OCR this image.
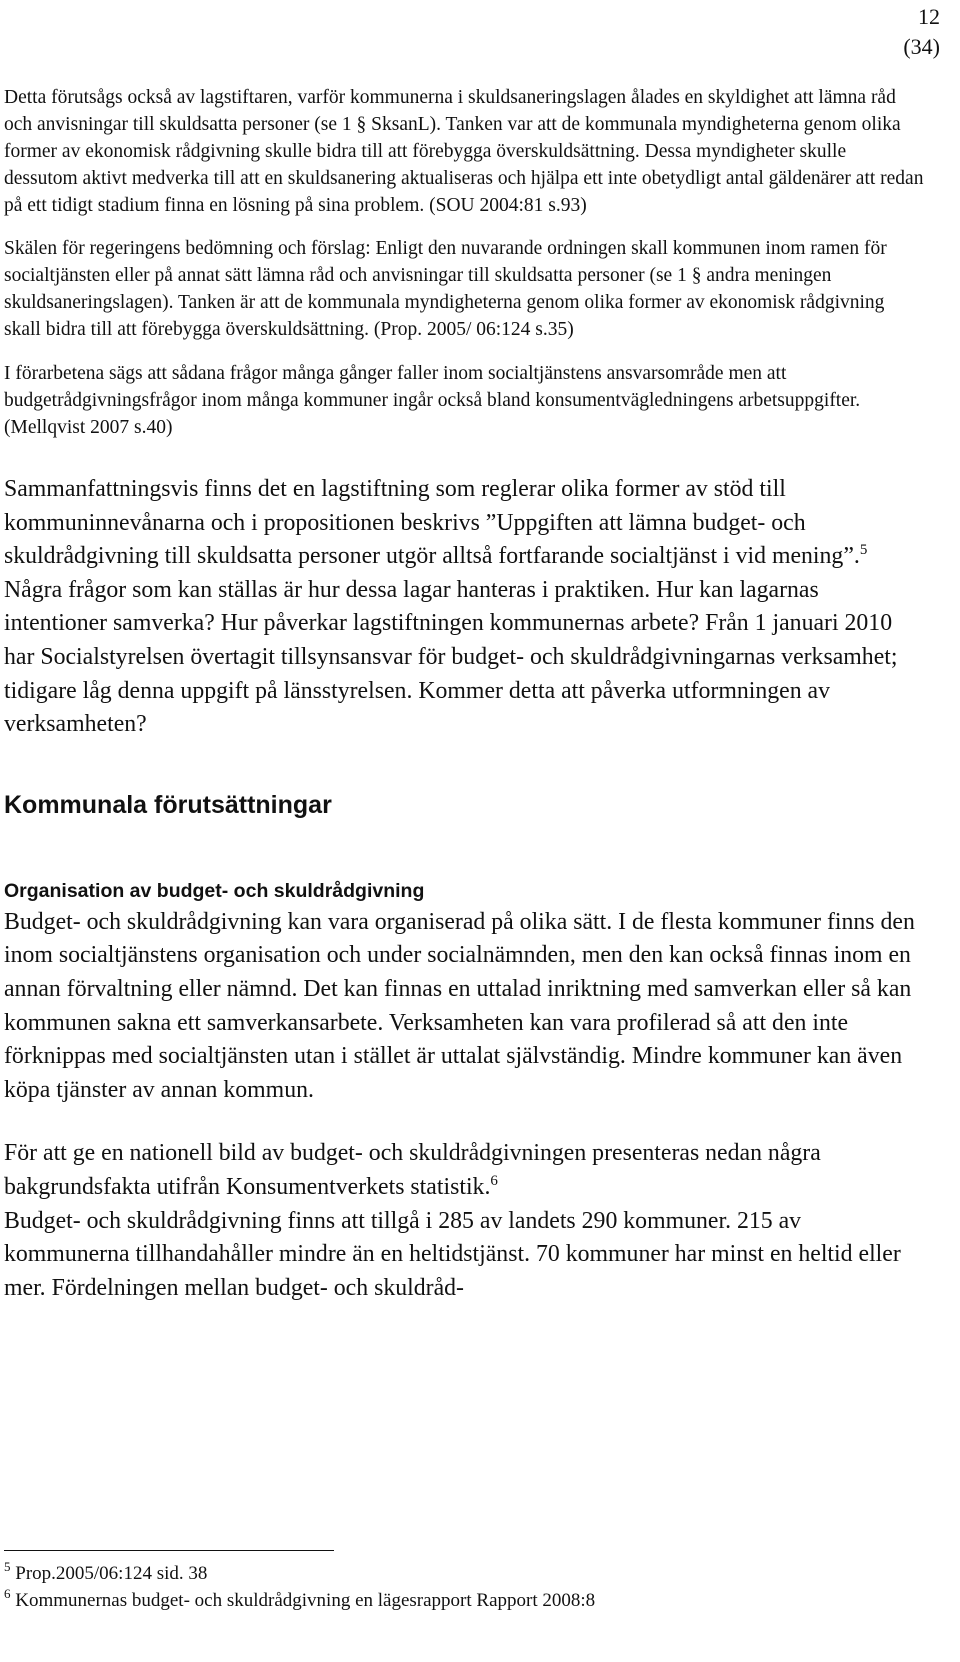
12
(34)

Detta förutsågs också av lagstiftaren, varför kommunerna i skuldsaneringslagen ålades en skyldighet att lämna råd och anvisningar till skuldsatta personer (se 1 § SksanL). Tanken var att de kommunala myndigheterna genom olika former av ekonomisk rådgivning skulle bidra till att förebygga överskuldsättning. Dessa myndigheter skulle dessutom aktivt medverka till att en skuldsanering aktualiseras och hjälpa ett inte obetydligt antal gäldenärer att redan på ett tidigt stadium finna en lösning på sina problem. (SOU 2004:81 s.93)

Skälen för regeringens bedömning och förslag: Enligt den nuvarande ordningen skall kommunen inom ramen för socialtjänsten eller på annat sätt lämna råd och anvisningar till skuldsatta personer (se 1 § andra meningen skuldsaneringslagen). Tanken är att de kommunala myndigheterna genom olika former av ekonomisk rådgivning skall bidra till att förebygga överskuldsättning. (Prop. 2005/ 06:124 s.35)

I förarbetena sägs att sådana frågor många gånger faller inom socialtjänstens ansvarsområde men att budgetrådgivningsfrågor inom många kommuner ingår också bland konsumentvägledningens arbetsuppgifter. (Mellqvist 2007 s.40)

Sammanfattningsvis finns det en lagstiftning som reglerar olika former av stöd till kommuninnevånarna och i propositionen beskrivs ”Uppgiften att lämna budget- och skuldrådgivning till skuldsatta personer utgör alltså fortfarande socialtjänst i vid mening”.$^5$ Några frågor som kan ställas är hur dessa lagar hanteras i praktiken. Hur kan lagarnas intentioner samverka? Hur påverkar lagstiftningen kommunernas arbete? Från 1 januari 2010 har Socialstyrelsen övertagit tillsynsansvar för budget- och skuldrådgivningarnas verksamhet; tidigare låg denna uppgift på länsstyrelsen. Kommer detta att påverka utformningen av verksamheten?

Kommunala förutsättningar
Organisation av budget- och skuldrådgivning

Budget- och skuldrådgivning kan vara organiserad på olika sätt. I de flesta kommuner finns den inom socialtjänstens organisation och under socialnämnden, men den kan också finnas inom en annan förvaltning eller nämnd. Det kan finnas en uttalad inriktning med samverkan eller så kan kommunen sakna ett samverkansarbete. Verksamheten kan vara profilerad så att den inte förknippas med socialtjänsten utan i stället är uttalat självständig. Mindre kommuner kan även köpa tjänster av annan kommun.

För att ge en nationell bild av budget- och skuldrådgivningen presenteras nedan några bakgrundsfakta utifrån Konsumentverkets statistik.$^6$
Budget- och skuldrådgivning finns att tillgå i 285 av landets 290 kommuner. 215 av kommunerna tillhandahåller mindre än en heltidstjänst. 70 kommuner har minst en heltid eller mer. Fördelningen mellan budget- och skuldråd-

$^5$ Prop.2005/06:124 sid. 38

$^6$ Kommunernas budget- och skuldrådgivning en lägesrapport Rapport 2008:8
